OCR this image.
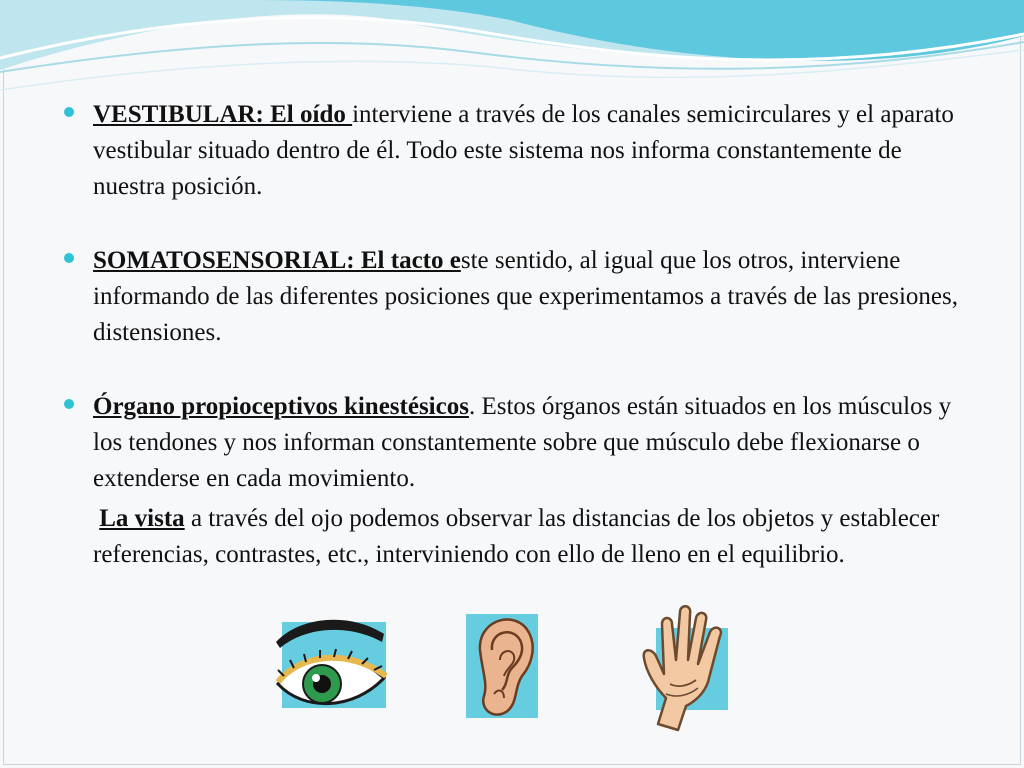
VESTIBULAR: El oído interviene a través de los canales semicirculares y el aparato vestibular situado dentro de él. Todo este sistema nos informa constantemente de nuestra posición.
SOMATOSENSORIAL: El tacto este sentido, al igual que los otros, interviene informando de las diferentes posiciones que experimentamos a través de las presiones, distensiones.
Órgano propioceptivos kinestésicos. Estos órganos están situados en los músculos y los tendones y nos informan constantemente sobre que músculo debe flexionarse o extenderse en cada movimiento.
La vista a través del ojo podemos observar las distancias de los objetos y establecer referencias, contrastes, etc., interviniendo con ello de lleno en el equilibrio.
